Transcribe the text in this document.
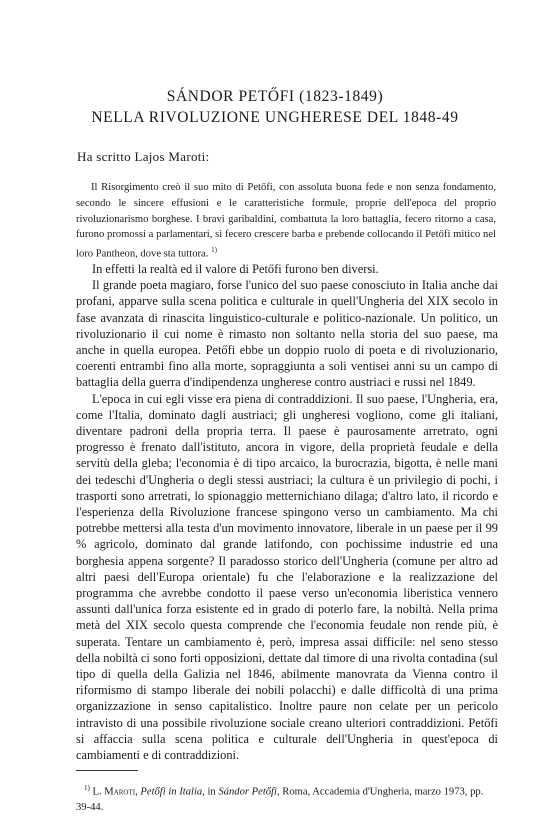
SÁNDOR PETŐFI (1823-1849)
NELLA RIVOLUZIONE UNGHERESE DEL 1848-49
Ha scritto Lajos Maroti:

Il Risorgimento creò il suo mito di Petőfi, con assoluta buona fede e non senza fondamento, secondo le sincere effusioni e le caratteristiche formule, proprie dell'epoca del proprio rivoluzionarismo borghese. I bravi garibaldini, combattuta la loro battaglia, fecero ritorno a casa, furono promossi a parlamentari, si fecero crescere barba e prebende collocando il Petőfi mitico nel loro Pantheon, dove sta tuttora. $^{1)}$

In effetti la realtà ed il valore di Petőfi furono ben diversi.

Il grande poeta magiaro, forse l'unico del suo paese conosciuto in Italia anche dai profani, apparve sulla scena politica e culturale in quell'Ungheria del XIX secolo in fase avanzata di rinascita linguistico-culturale e politico-nazionale. Un politico, un rivoluzionario il cui nome è rimasto non soltanto nella storia del suo paese, ma anche in quella europea. Petőfi ebbe un doppio ruolo di poeta e di rivoluzionario, coerenti entrambi fino alla morte, sopraggiunta a soli ventisei anni su un campo di battaglia della guerra d'indipendenza ungherese contro austriaci e russi nel 1849.

L'epoca in cui egli visse era piena di contraddizioni. Il suo paese, l'Ungheria, era, come l'Italia, dominato dagli austriaci; gli ungheresi vogliono, come gli italiani, diventare padroni della propria terra. Il paese è paurosamente arretrato, ogni progresso è frenato dall'istituto, ancora in vigore, della proprietà feudale e della servitù della gleba; l'economia è di tipo arcaico, la burocrazia, bigotta, è nelle mani dei tedeschi d'Ungheria o degli stessi austriaci; la cultura è un privilegio di pochi, i trasporti sono arretrati, lo spionaggio metternichiano dilaga; d'altro lato, il ricordo e l'esperienza della Rivoluzione francese spingono verso un cambiamento. Ma chi potrebbe mettersi alla testa d'un movimento innovatore, liberale in un paese per il 99 % agricolo, dominato dal grande latifondo, con pochissime industrie ed una borghesia appena sorgente? Il paradosso storico dell'Ungheria (comune per altro ad altri paesi dell'Europa orientale) fu che l'elaborazione e la realizzazione del programma che avrebbe condotto il paese verso un'economia liberistica vennero assunti dall'unica forza esistente ed in grado di poterlo fare, la nobiltà. Nella prima metà del XIX secolo questa comprende che l'economia feudale non rende più, è superata. Tentare un cambiamento è, però, impresa assai difficile: nel seno stesso della nobiltà ci sono forti opposizioni, dettate dal timore di una rivolta contadina (sul tipo di quella della Galizia nel 1846, abilmente manovrata da Vienna contro il riformismo di stampo liberale dei nobili polacchi) e dalle difficoltà di una prima organizzazione in senso capitalistico. Inoltre paure non celate per un pericolo intravisto di una possibile rivoluzione sociale creano ulteriori contraddizioni. Petőfi si affaccia sulla scena politica e culturale dell'Ungheria in quest'epoca di cambiamenti e di contraddizioni.

$^{1)}$ L. Maroti, Petőfi in Italia, in Sándor Petőfi, Roma, Accademia d'Ungheria, marzo 1973, pp. 39-44.
